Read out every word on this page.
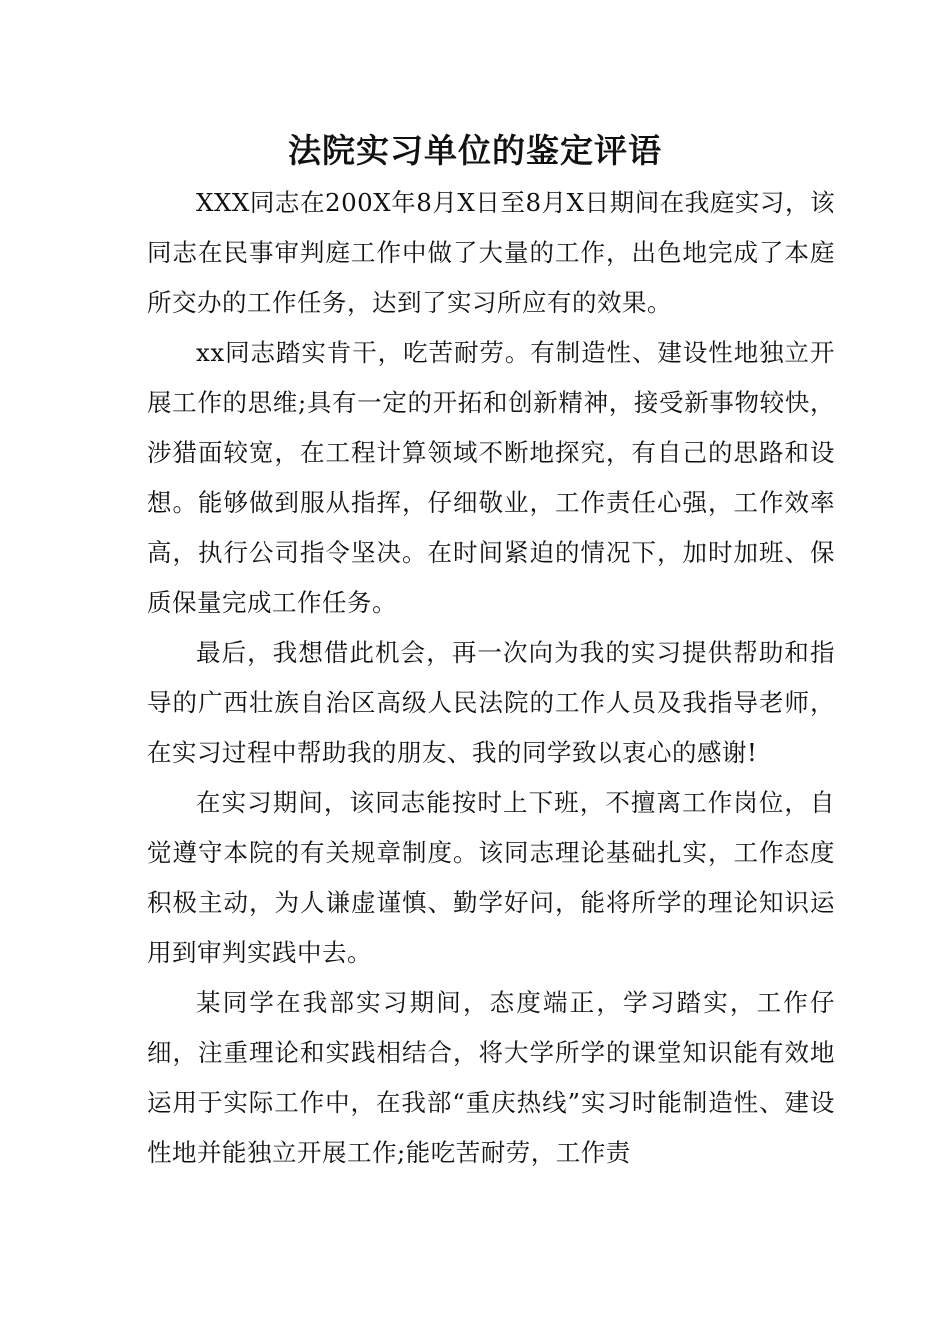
法院实习单位的鉴定评语

XXX同志在200X年8月X日至8月X日期间在我庭实习，该同志在民事审判庭工作中做了大量的工作，出色地完成了本庭所交办的工作任务，达到了实习所应有的效果。

xx同志踏实肯干，吃苦耐劳。有制造性、建设性地独立开展工作的思维;具有一定的开拓和创新精神，接受新事物较快，涉猎面较宽，在工程计算领域不断地探究，有自己的思路和设想。能够做到服从指挥，仔细敬业，工作责任心强，工作效率高，执行公司指令坚决。在时间紧迫的情况下，加时加班、保质保量完成工作任务。

最后，我想借此机会，再一次向为我的实习提供帮助和指导的广西壮族自治区高级人民法院的工作人员及我指导老师，在实习过程中帮助我的朋友、我的同学致以衷心的感谢!

在实习期间，该同志能按时上下班，不擅离工作岗位，自觉遵守本院的有关规章制度。该同志理论基础扎实，工作态度积极主动，为人谦虚谨慎、勤学好问，能将所学的理论知识运用到审判实践中去。

某同学在我部实习期间，态度端正，学习踏实，工作仔细，注重理论和实践相结合，将大学所学的课堂知识能有效地运用于实际工作中，在我部“重庆热线”实习时能制造性、建设性地并能独立开展工作;能吃苦耐劳，工作责
